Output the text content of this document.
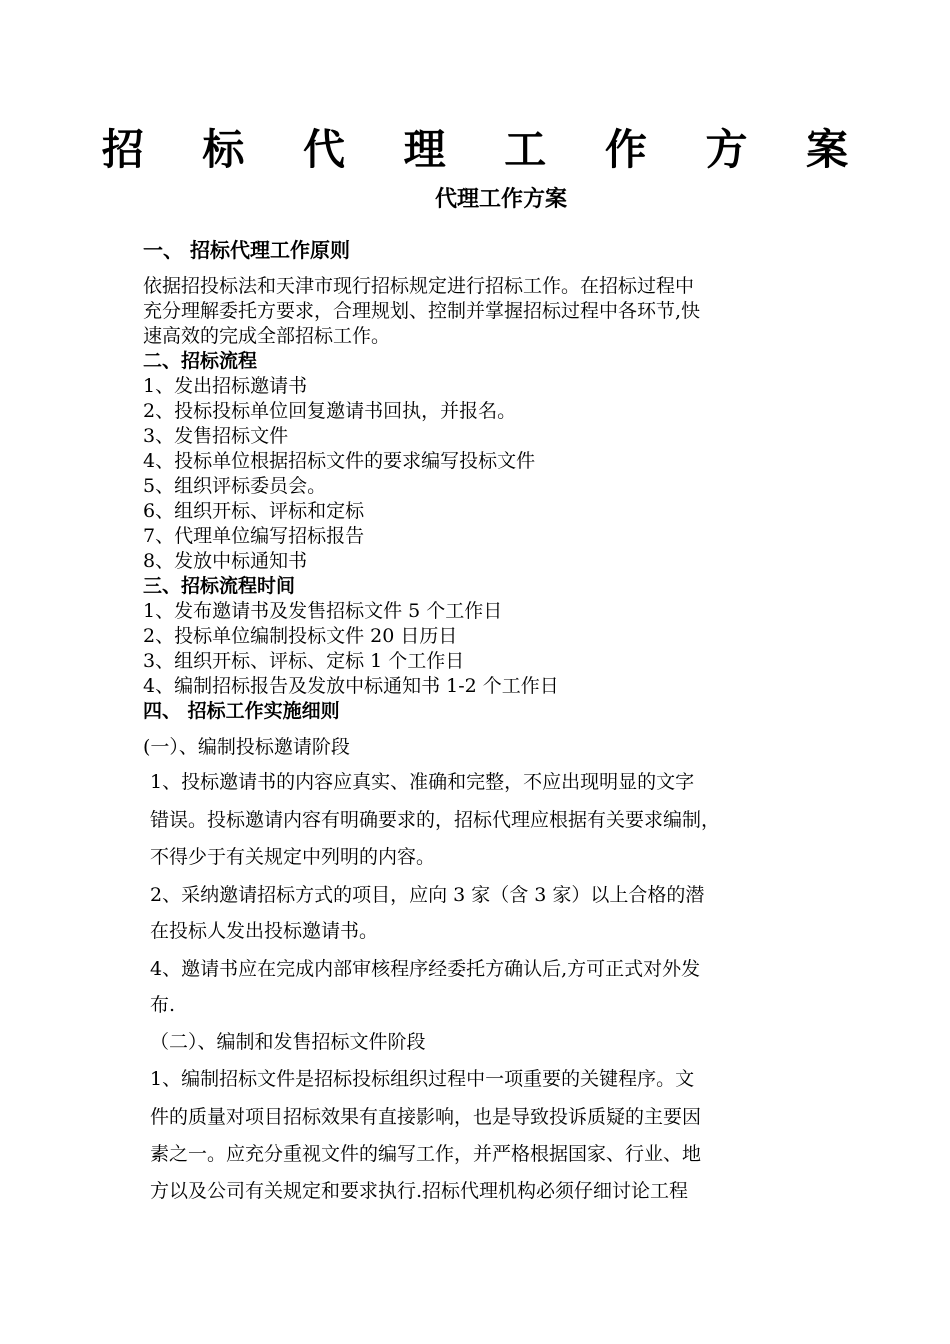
招 标 代 理 工 作 方 案
代理工作方案
一、 招标代理工作原则
依据招投标法和天津市现行招标规定进行招标工作。在招标过程中
充分理解委托方要求，合理规划、控制并掌握招标过程中各环节,快
速高效的完成全部招标工作。
二、招标流程
1、发出招标邀请书
2、投标投标单位回复邀请书回执，并报名。
3、发售招标文件
4、投标单位根据招标文件的要求编写投标文件
5、组织评标委员会。
6、组织开标、评标和定标
7、代理单位编写招标报告
8、发放中标通知书
三、招标流程时间
1、发布邀请书及发售招标文件 5 个工作日
2、投标单位编制投标文件 20 日历日
3、组织开标、评标、定标 1 个工作日
4、编制招标报告及发放中标通知书 1-2 个工作日
四、 招标工作实施细则
(一）、编制投标邀请阶段
1、投标邀请书的内容应真实、准确和完整，不应出现明显的文字
错误。投标邀请内容有明确要求的，招标代理应根据有关要求编制，
不得少于有关规定中列明的内容。
2、采纳邀请招标方式的项目，应向 3 家（含 3 家）以上合格的潜
在投标人发出投标邀请书。
4、邀请书应在完成内部审核程序经委托方确认后,方可正式对外发
布.
（二）、编制和发售招标文件阶段
1、编制招标文件是招标投标组织过程中一项重要的关键程序。文
件的质量对项目招标效果有直接影响，也是导致投诉质疑的主要因
素之一。应充分重视文件的编写工作，并严格根据国家、行业、地
方以及公司有关规定和要求执行.招标代理机构必须仔细讨论工程
